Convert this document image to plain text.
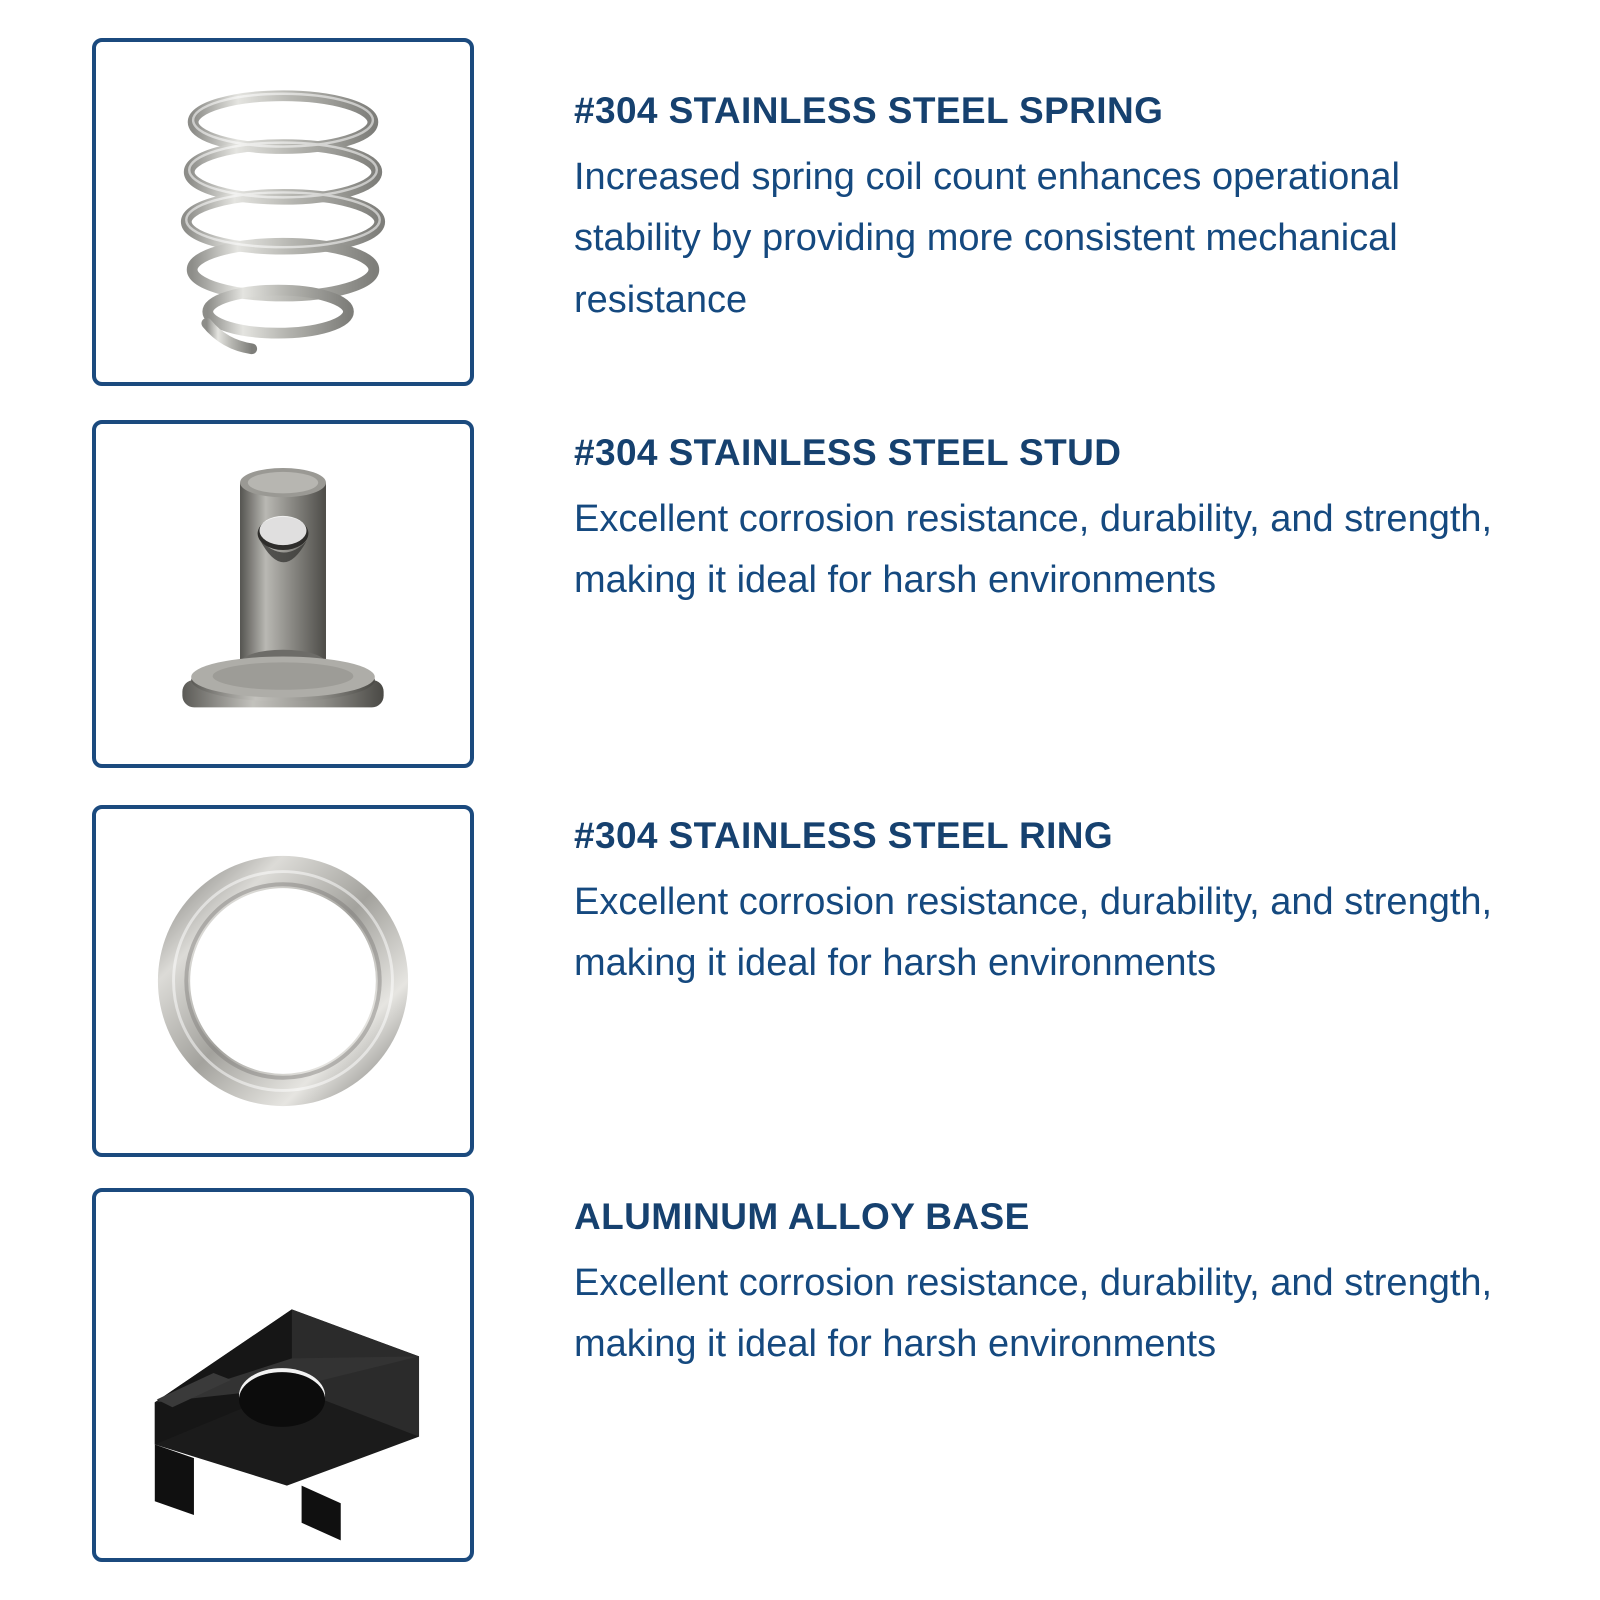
#304 STAINLESS STEEL SPRING

Increased spring coil count enhances operational stability by providing more consistent mechanical resistance

#304 STAINLESS STEEL STUD

Excellent corrosion resistance, durability, and strength, making it ideal for harsh environments

#304 STAINLESS STEEL RING

Excellent corrosion resistance, durability, and strength, making it ideal for harsh environments

ALUMINUM ALLOY BASE

Excellent corrosion resistance, durability, and strength, making it ideal for harsh environments
